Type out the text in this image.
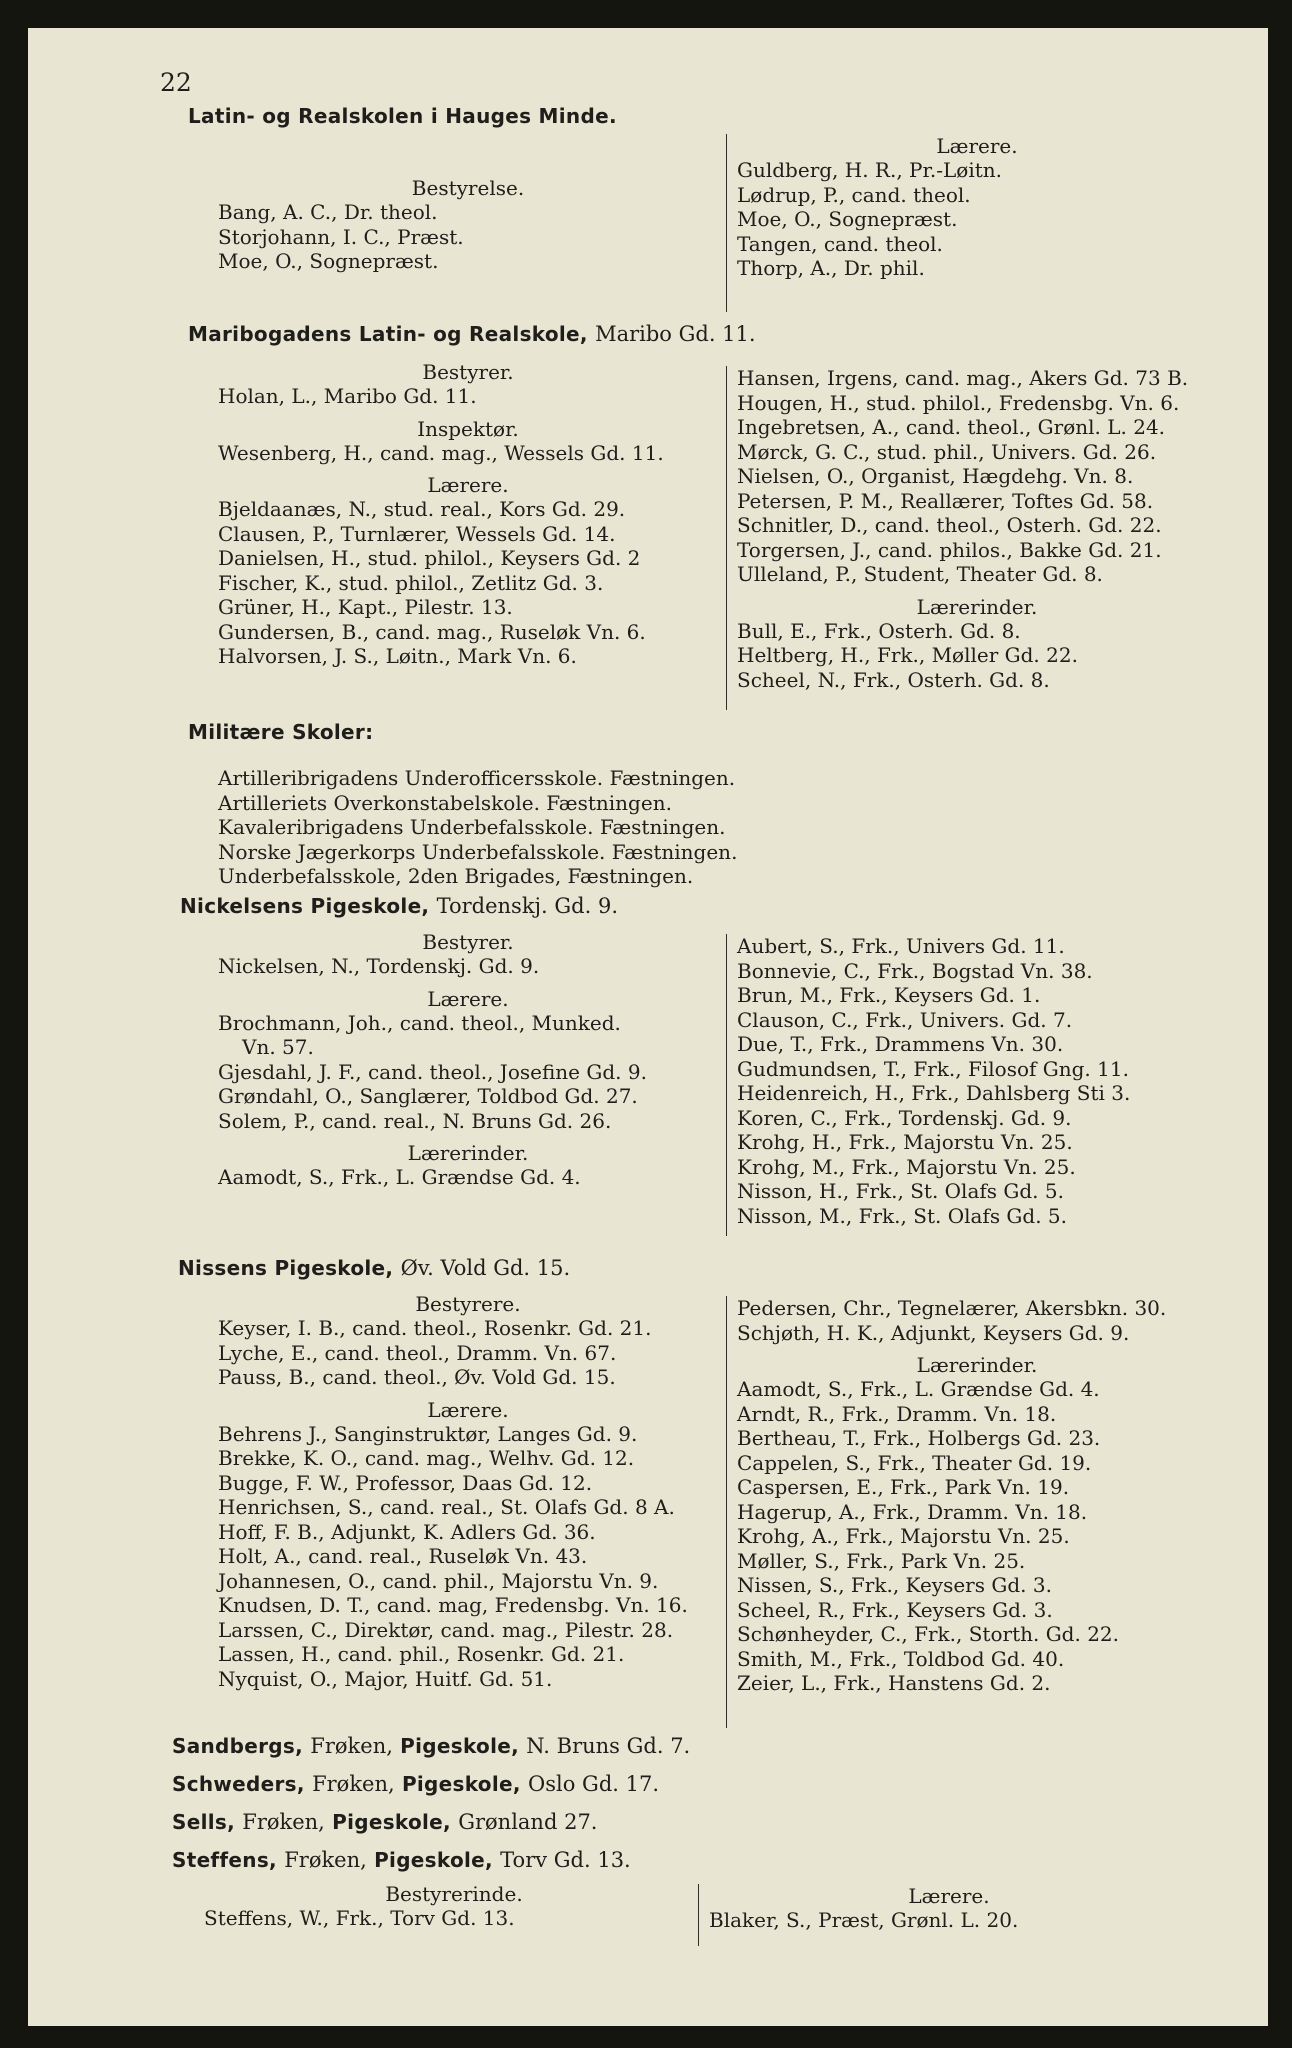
22
Latin- og Realskolen i Hauges Minde.
Bestyrelse.
Bang, A. C., Dr. theol.
Storjohann, I. C., Præst.
Moe, O., Sognepræst.
Lærere.
Guldberg, H. R., Pr.-Løitn.
Lødrup, P., cand. theol.
Moe, O., Sognepræst.
Tangen, cand. theol.
Thorp, A., Dr. phil.
Maribogadens Latin- og Realskole, Maribo Gd. 11.
Bestyrer.
Holan, L., Maribo Gd. 11.
Inspektør.
Wesenberg, H., cand. mag., Wessels Gd. 11.
Lærere.
Bjeldaanæs, N., stud. real., Kors Gd. 29.
Clausen, P., Turnlærer, Wessels Gd. 14.
Danielsen, H., stud. philol., Keysers Gd. 2
Fischer, K., stud. philol., Zetlitz Gd. 3.
Grüner, H., Kapt., Pilestr. 13.
Gundersen, B., cand. mag., Ruseløk Vn. 6.
Halvorsen, J. S., Løitn., Mark Vn. 6.
Hansen, Irgens, cand. mag., Akers Gd. 73 B.
Hougen, H., stud. philol., Fredensbg. Vn. 6.
Ingebretsen, A., cand. theol., Grønl. L. 24.
Mørck, G. C., stud. phil., Univers. Gd. 26.
Nielsen, O., Organist, Hægdehg. Vn. 8.
Petersen, P. M., Reallærer, Toftes Gd. 58.
Schnitler, D., cand. theol., Osterh. Gd. 22.
Torgersen, J., cand. philos., Bakke Gd. 21.
Ulleland, P., Student, Theater Gd. 8.
Lærerinder.
Bull, E., Frk., Osterh. Gd. 8.
Heltberg, H., Frk., Møller Gd. 22.
Scheel, N., Frk., Osterh. Gd. 8.
Militære Skoler:
Artilleribrigadens Underofficersskole. Fæstningen.
Artilleriets Overkonstabelskole. Fæstningen.
Kavaleribrigadens Underbefalsskole. Fæstningen.
Norske Jægerkorps Underbefalsskole. Fæstningen.
Underbefalsskole, 2den Brigades, Fæstningen.
Nickelsens Pigeskole, Tordenskj. Gd. 9.
Bestyrer.
Nickelsen, N., Tordenskj. Gd. 9.
Lærere.
Brochmann, Joh., cand. theol., Munked.
Vn. 57.
Gjesdahl, J. F., cand. theol., Josefine Gd. 9.
Grøndahl, O., Sanglærer, Toldbod Gd. 27.
Solem, P., cand. real., N. Bruns Gd. 26.
Lærerinder.
Aamodt, S., Frk., L. Grændse Gd. 4.
Aubert, S., Frk., Univers Gd. 11.
Bonnevie, C., Frk., Bogstad Vn. 38.
Brun, M., Frk., Keysers Gd. 1.
Clauson, C., Frk., Univers. Gd. 7.
Due, T., Frk., Drammens Vn. 30.
Gudmundsen, T., Frk., Filosof Gng. 11.
Heidenreich, H., Frk., Dahlsberg Sti 3.
Koren, C., Frk., Tordenskj. Gd. 9.
Krohg, H., Frk., Majorstu Vn. 25.
Krohg, M., Frk., Majorstu Vn. 25.
Nisson, H., Frk., St. Olafs Gd. 5.
Nisson, M., Frk., St. Olafs Gd. 5.
Nissens Pigeskole, Øv. Vold Gd. 15.
Bestyrere.
Keyser, I. B., cand. theol., Rosenkr. Gd. 21.
Lyche, E., cand. theol., Dramm. Vn. 67.
Pauss, B., cand. theol., Øv. Vold Gd. 15.
Lærere.
Behrens J., Sanginstruktør, Langes Gd. 9.
Brekke, K. O., cand. mag., Welhv. Gd. 12.
Bugge, F. W., Professor, Daas Gd. 12.
Henrichsen, S., cand. real., St. Olafs Gd. 8 A.
Hoff, F. B., Adjunkt, K. Adlers Gd. 36.
Holt, A., cand. real., Ruseløk Vn. 43.
Johannesen, O., cand. phil., Majorstu Vn. 9.
Knudsen, D. T., cand. mag, Fredensbg. Vn. 16.
Larssen, C., Direktør, cand. mag., Pilestr. 28.
Lassen, H., cand. phil., Rosenkr. Gd. 21.
Nyquist, O., Major, Huitf. Gd. 51.
Pedersen, Chr., Tegnelærer, Akersbkn. 30.
Schjøth, H. K., Adjunkt, Keysers Gd. 9.
Lærerinder.
Aamodt, S., Frk., L. Grændse Gd. 4.
Arndt, R., Frk., Dramm. Vn. 18.
Bertheau, T., Frk., Holbergs Gd. 23.
Cappelen, S., Frk., Theater Gd. 19.
Caspersen, E., Frk., Park Vn. 19.
Hagerup, A., Frk., Dramm. Vn. 18.
Krohg, A., Frk., Majorstu Vn. 25.
Møller, S., Frk., Park Vn. 25.
Nissen, S., Frk., Keysers Gd. 3.
Scheel, R., Frk., Keysers Gd. 3.
Schønheyder, C., Frk., Storth. Gd. 22.
Smith, M., Frk., Toldbod Gd. 40.
Zeier, L., Frk., Hanstens Gd. 2.
Sandbergs, Frøken, Pigeskole, N. Bruns Gd. 7.
Schweders, Frøken, Pigeskole, Oslo Gd. 17.
Sells, Frøken, Pigeskole, Grønland 27.
Steffens, Frøken, Pigeskole, Torv Gd. 13.
Bestyrerinde.
Steffens, W., Frk., Torv Gd. 13.
Lærere.
Blaker, S., Præst, Grønl. L. 20.
